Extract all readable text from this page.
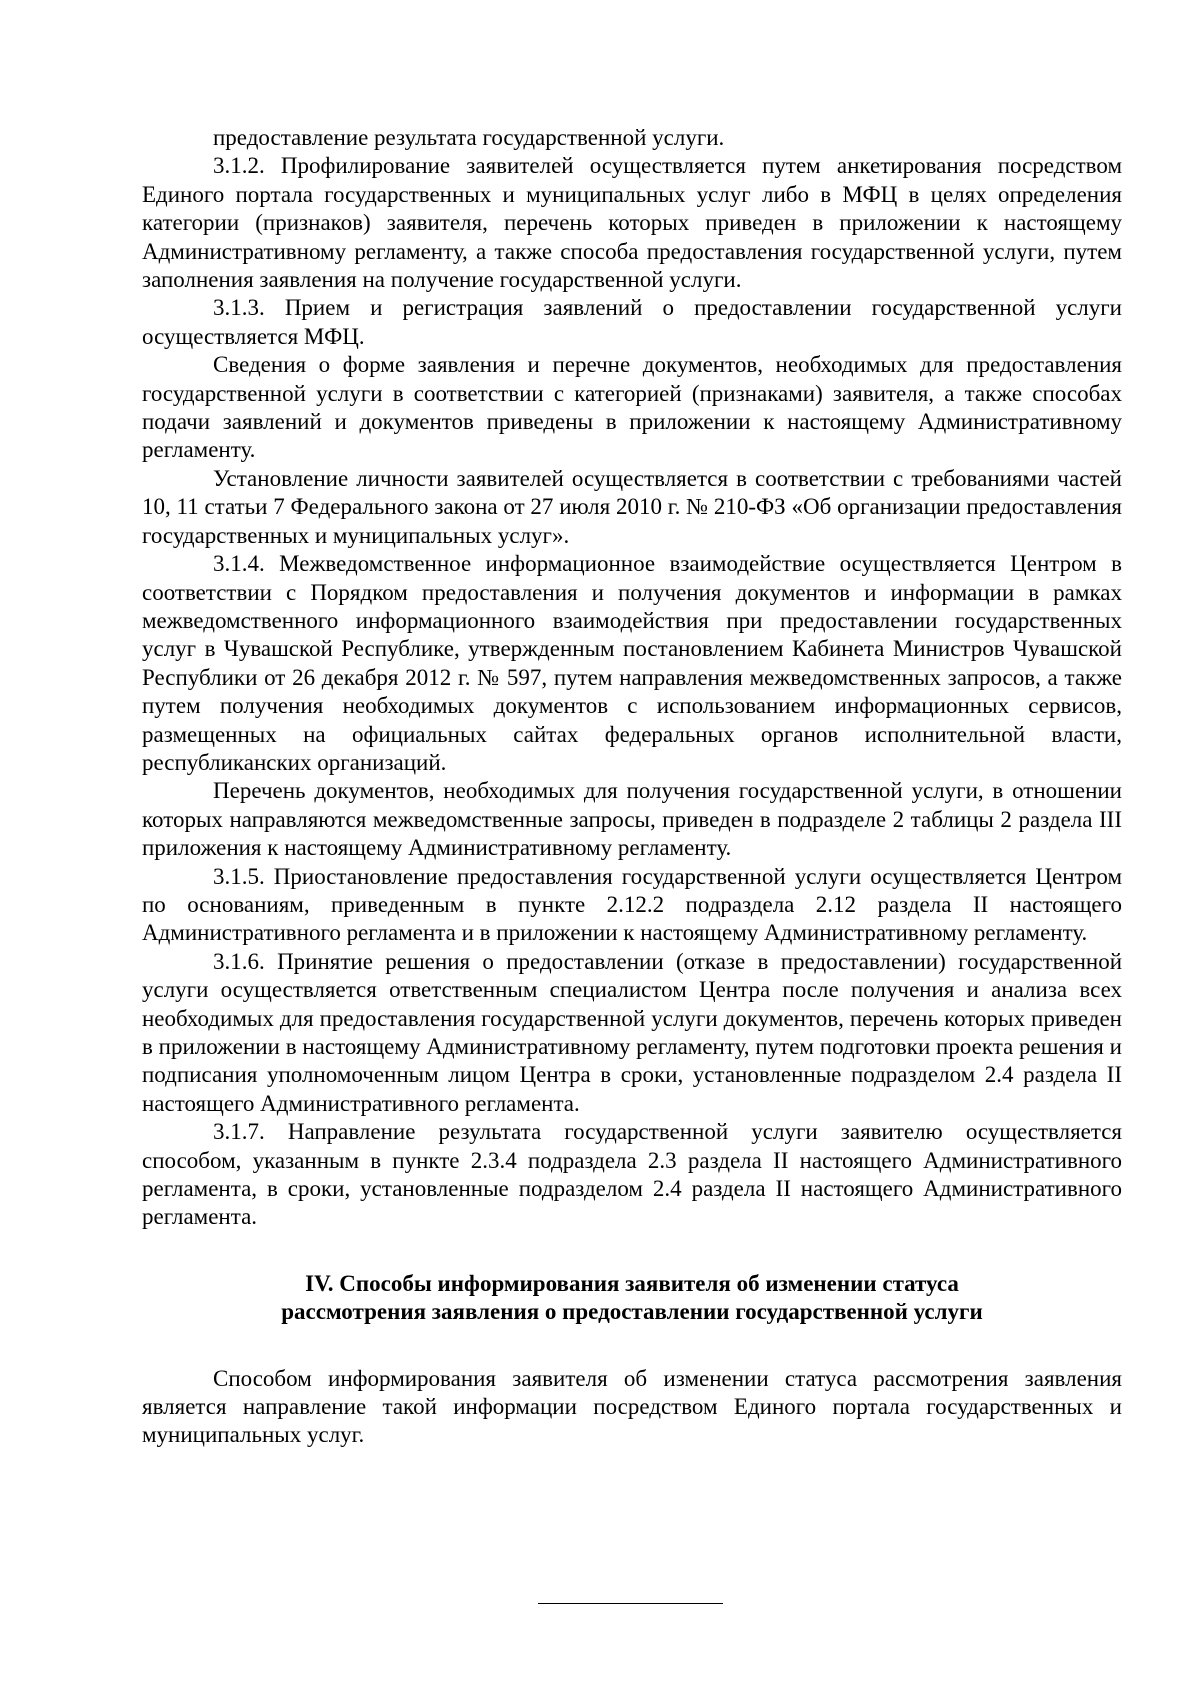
предоставление результата государственной услуги.

3.1.2. Профилирование заявителей осуществляется путем анкетирования посредством Единого портала государственных и муниципальных услуг либо в МФЦ в целях определения категории (признаков) заявителя, перечень которых приведен в приложении к настоящему Административному регламенту, а также способа предоставления государственной услуги, путем заполнения заявления на получение государственной услуги.

3.1.3. Прием и регистрация заявлений о предоставлении государственной услуги осуществляется МФЦ.

Сведения о форме заявления и перечне документов, необходимых для предоставления государственной услуги в соответствии с категорией (признаками) заявителя, а также способах подачи заявлений и документов приведены в приложении к настоящему Административному регламенту.

Установление личности заявителей осуществляется в соответствии с требованиями частей 10, 11 статьи 7 Федерального закона от 27 июля 2010 г. № 210-ФЗ «Об организации предоставления государственных и муниципальных услуг».

3.1.4. Межведомственное информационное взаимодействие осуществляется Центром в соответствии с Порядком предоставления и получения документов и информации в рамках межведомственного информационного взаимодействия при предоставлении государственных услуг в Чувашской Республике, утвержденным постановлением Кабинета Министров Чувашской Республики от 26 декабря 2012 г. № 597, путем направления межведомственных запросов, а также путем получения необходимых документов с использованием информационных сервисов, размещенных на официальных сайтах федеральных органов исполнительной власти, республиканских организаций.

Перечень документов, необходимых для получения государственной услуги, в отношении которых направляются межведомственные запросы, приведен в подразделе 2 таблицы 2 раздела III приложения к настоящему Административному регламенту.

3.1.5. Приостановление предоставления государственной услуги осуществляется Центром по основаниям, приведенным в пункте 2.12.2 подраздела 2.12 раздела II настоящего Административного регламента и в приложении к настоящему Административному регламенту.

3.1.6. Принятие решения о предоставлении (отказе в предоставлении) государственной услуги осуществляется ответственным специалистом Центра после получения и анализа всех необходимых для предоставления государственной услуги документов, перечень которых приведен в приложении в настоящему Административному регламенту, путем подготовки проекта решения и подписания уполномоченным лицом Центра в сроки, установленные подразделом 2.4 раздела II настоящего Административного регламента.

3.1.7. Направление результата государственной услуги заявителю осуществляется способом, указанным в пункте 2.3.4 подраздела 2.3 раздела II настоящего Административного регламента, в сроки, установленные подразделом 2.4 раздела II настоящего Административного регламента.

IV. Способы информирования заявителя об изменении статуса
рассмотрения заявления о предоставлении государственной услуги

Способом информирования заявителя об изменении статуса рассмотрения заявления является направление такой информации посредством Единого портала государственных и муниципальных услуг.
